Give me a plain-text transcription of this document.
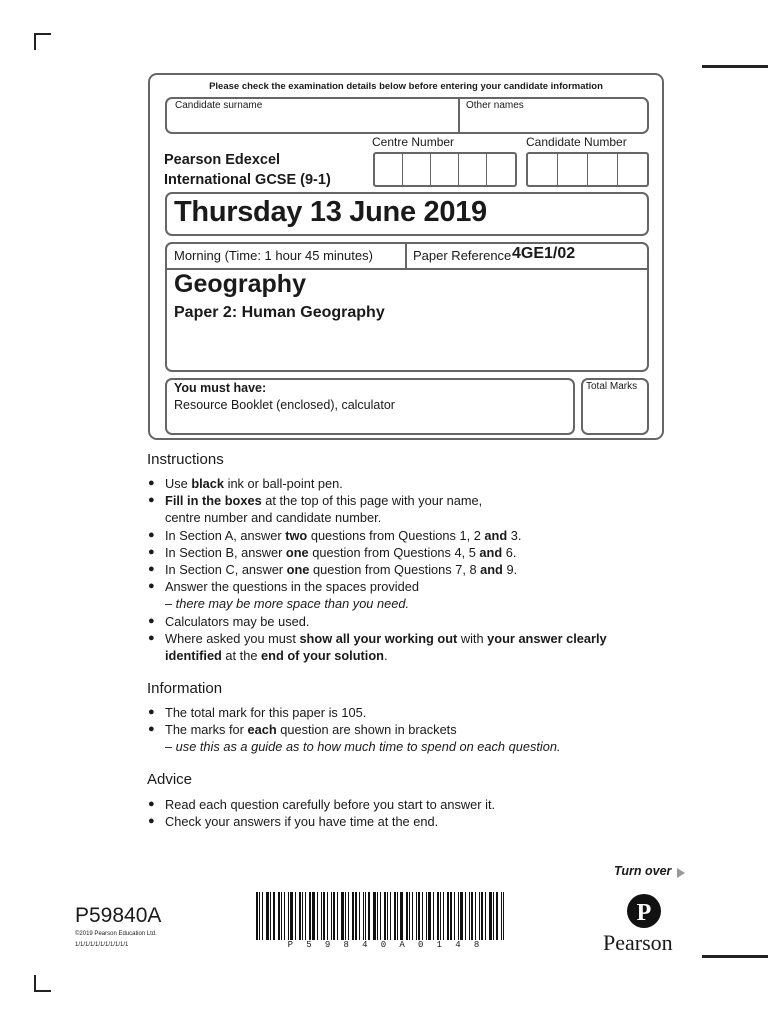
Please check the examination details below before entering your candidate information
Candidate surname	Other names
Centre Number	Candidate Number
Pearson Edexcel
International GCSE (9-1)
Thursday 13 June 2019
Morning (Time: 1 hour 45 minutes)	Paper Reference 4GE1/02
Geography
Paper 2: Human Geography
You must have:
Resource Booklet (enclosed), calculator
Total Marks
Instructions
● Use black ink or ball-point pen.
● Fill in the boxes at the top of this page with your name,
centre number and candidate number.
● In Section A, answer two questions from Questions 1, 2 and 3.
● In Section B, answer one question from Questions 4, 5 and 6.
● In Section C, answer one question from Questions 7, 8 and 9.
● Answer the questions in the spaces provided
– there may be more space than you need.
● Calculators may be used.
● Where asked you must show all your working out with your answer clearly
identified at the end of your solution.
Information
● The total mark for this paper is 105.
● The marks for each question are shown in brackets
– use this as a guide as to how much time to spend on each question.
Advice
● Read each question carefully before you start to answer it.
● Check your answers if you have time at the end.
Turn over
P59840A
©2019 Pearson Education Ltd.
1/1/1/1/1/1/1/1/1/1/1	P 5 9 8 4 0 A 0 1 4 8
P
Pearson
